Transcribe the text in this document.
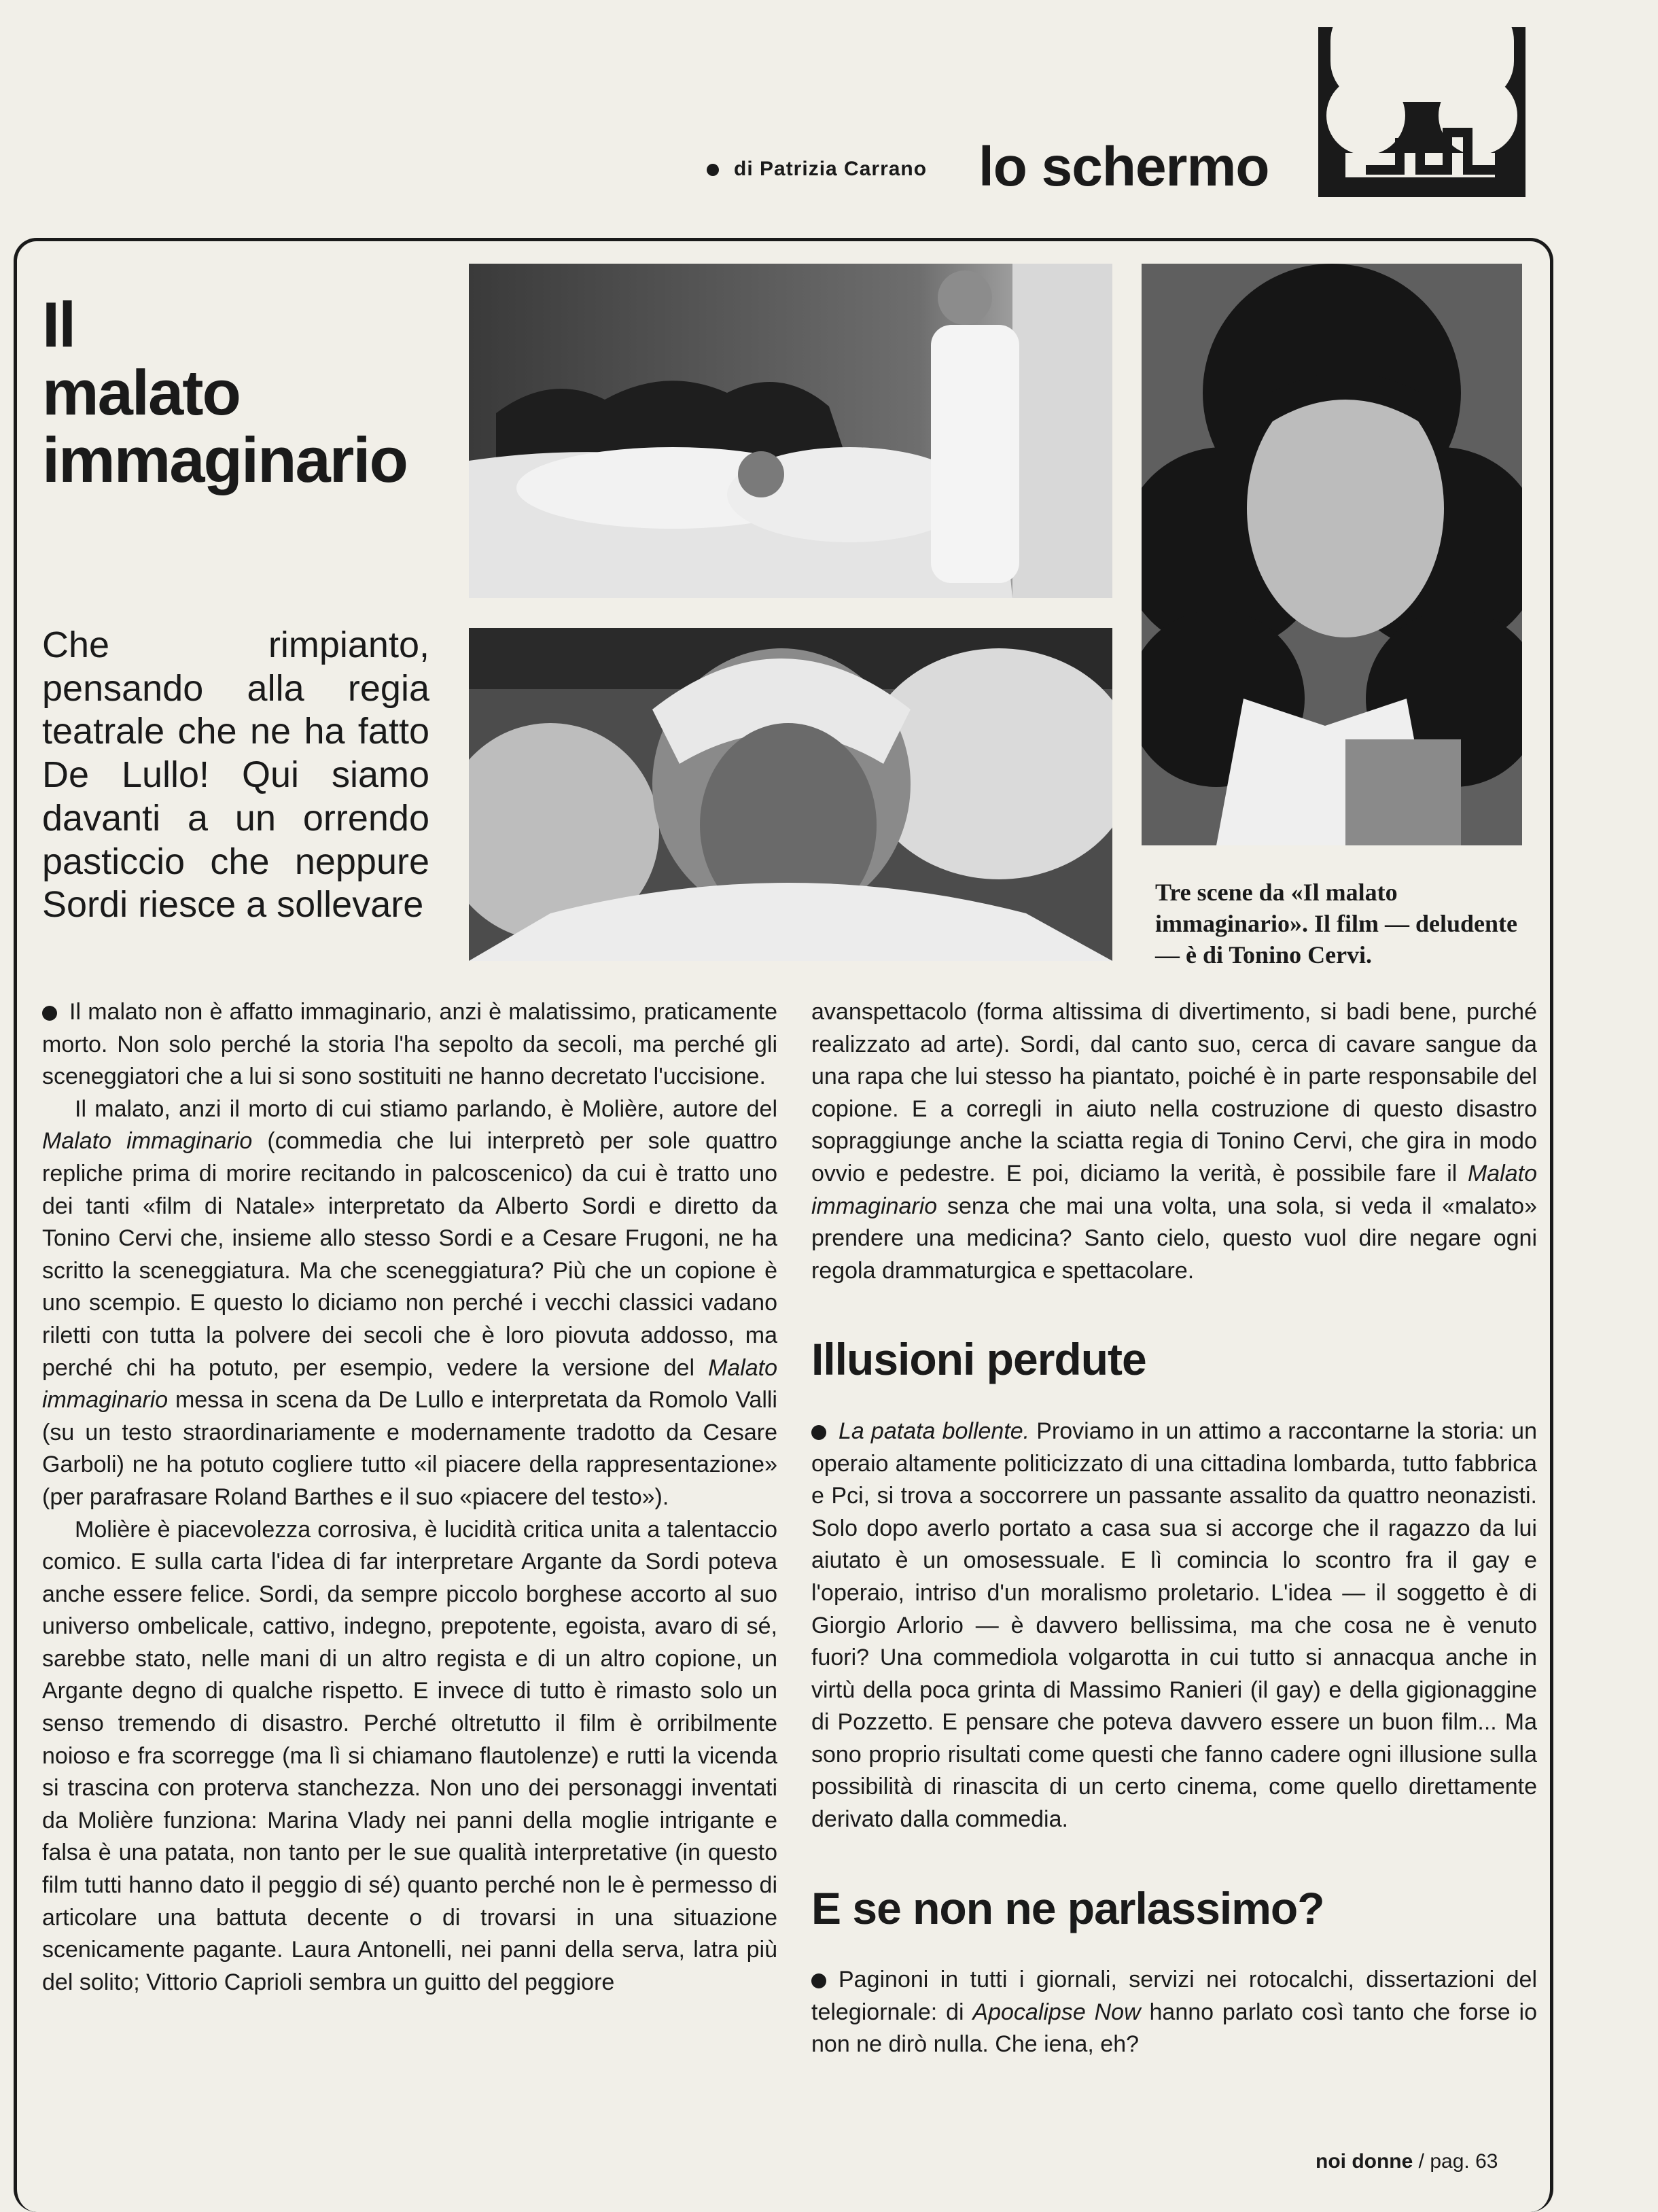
di Patrizia Carrano lo schermo
Il
malato
immaginario
Che rimpianto, pensando alla regia teatrale che ne ha fatto De Lullo! Qui siamo davanti a un orrendo pasticcio che neppure Sordi riesce a sollevare	Tre scene da «Il malato immaginario». Il film — deludente — è di Tonino Cervi.

Il malato non è affatto immaginario, anzi è malatissimo, praticamente morto. Non solo perché la storia l'ha sepolto da secoli, ma perché gli sceneggiatori che a lui si sono sostituiti ne hanno decretato l'uccisione.

Il malato, anzi il morto di cui stiamo parlando, è Molière, autore del Malato immaginario (commedia che lui interpretò per sole quattro repliche prima di morire recitando in palcoscenico) da cui è tratto uno dei tanti «film di Natale» interpretato da Alberto Sordi e diretto da Tonino Cervi che, insieme allo stesso Sordi e a Cesare Frugoni, ne ha scritto la sceneggiatura. Ma che sceneggiatura? Più che un copione è uno scempio. E questo lo diciamo non perché i vecchi classici vadano riletti con tutta la polvere dei secoli che è loro piovuta addosso, ma perché chi ha potuto, per esempio, vedere la versione del Malato immaginario messa in scena da De Lullo e interpretata da Romolo Valli (su un testo straordinariamente e modernamente tradotto da Cesare Garboli) ne ha potuto cogliere tutto «il piacere della rappresentazione» (per parafrasare Roland Barthes e il suo «piacere del testo»).

Molière è piacevolezza corrosiva, è lucidità critica unita a talentaccio comico. E sulla carta l'idea di far interpretare Argante da Sordi poteva anche essere felice. Sordi, da sempre piccolo borghese accorto al suo universo ombelicale, cattivo, indegno, prepotente, egoista, avaro di sé, sarebbe stato, nelle mani di un altro regista e di un altro copione, un Argante degno di qualche rispetto. E invece di tutto è rimasto solo un senso tremendo di disastro. Perché oltretutto il film è orribilmente noioso e fra scorregge (ma lì si chiamano flautolenze) e rutti la vicenda si trascina con proterva stanchezza. Non uno dei personaggi inventati da Molière funziona: Marina Vlady nei panni della moglie intrigante e falsa è una patata, non tanto per le sue qualità interpretative (in questo film tutti hanno dato il peggio di sé) quanto perché non le è permesso di articolare una battuta decente o di trovarsi in una situazione scenicamente pagante. Laura Antonelli, nei panni della serva, latra più del solito; Vittorio Caprioli sembra un guitto del peggiore

avanspettacolo (forma altissima di divertimento, si badi bene, purché realizzato ad arte). Sordi, dal canto suo, cerca di cavare sangue da una rapa che lui stesso ha piantato, poiché è in parte responsabile del copione. E a corregli in aiuto nella costruzione di questo disastro sopraggiunge anche la sciatta regia di Tonino Cervi, che gira in modo ovvio e pedestre. E poi, diciamo la verità, è possibile fare il Malato immaginario senza che mai una volta, una sola, si veda il «malato» prendere una medicina? Santo cielo, questo vuol dire negare ogni regola drammaturgica e spettacolare.

Illusioni perdute

La patata bollente. Proviamo in un attimo a raccontarne la storia: un operaio altamente politicizzato di una cittadina lombarda, tutto fabbrica e Pci, si trova a soccorrere un passante assalito da quattro neonazisti. Solo dopo averlo portato a casa sua si accorge che il ragazzo da lui aiutato è un omosessuale. E lì comincia lo scontro fra il gay e l'operaio, intriso d'un moralismo proletario. L'idea — il soggetto è di Giorgio Arlorio — è davvero bellissima, ma che cosa ne è venuto fuori? Una commediola volgarotta in cui tutto si annacqua anche in virtù della poca grinta di Massimo Ranieri (il gay) e della gigionaggine di Pozzetto. E pensare che poteva davvero essere un buon film... Ma sono proprio risultati come questi che fanno cadere ogni illusione sulla possibilità di rinascita di un certo cinema, come quello direttamente derivato dalla commedia.

E se non ne parlassimo?

Paginoni in tutti i giornali, servizi nei rotocalchi, dissertazioni del telegiornale: di Apocalipse Now hanno parlato così tanto che forse io non ne dirò nulla. Che iena, eh?

noi donne / pag. 63
